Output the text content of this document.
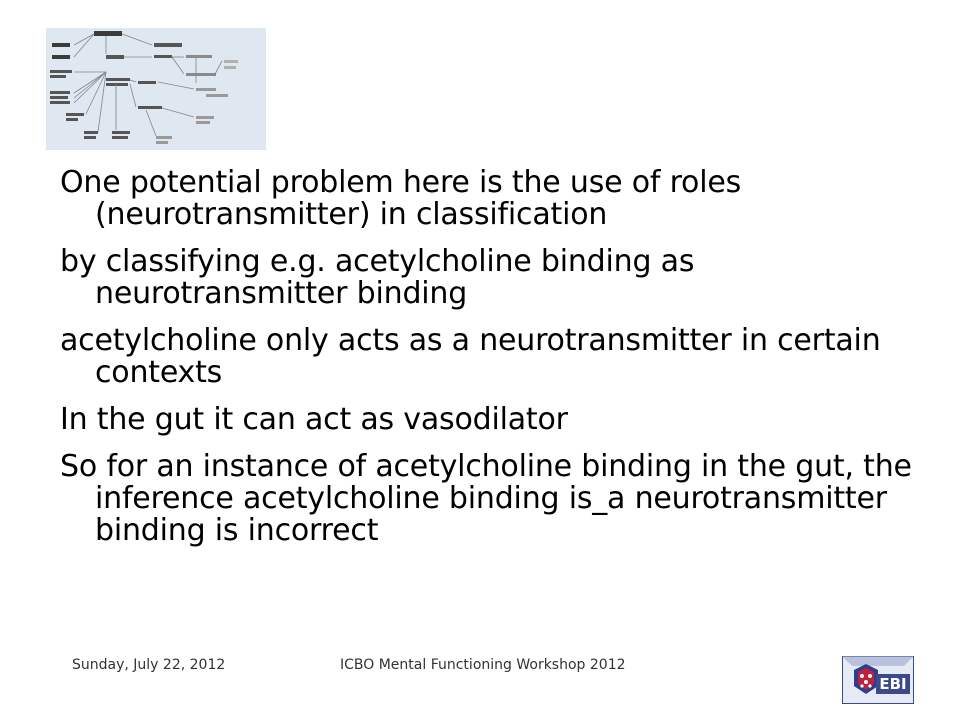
One potential problem here is the use of roles (neurotransmitter) in classification

by classifying e.g. acetylcholine binding as neurotransmitter binding

acetylcholine only acts as a neurotransmitter in certain contexts

In the gut it can act as vasodilator

So for an instance of acetylcholine binding in the gut, the inference acetylcholine binding is_a neurotransmitter binding is incorrect

Sunday, July 22, 2012	ICBO Mental Functioning Workshop 2012
EBI
